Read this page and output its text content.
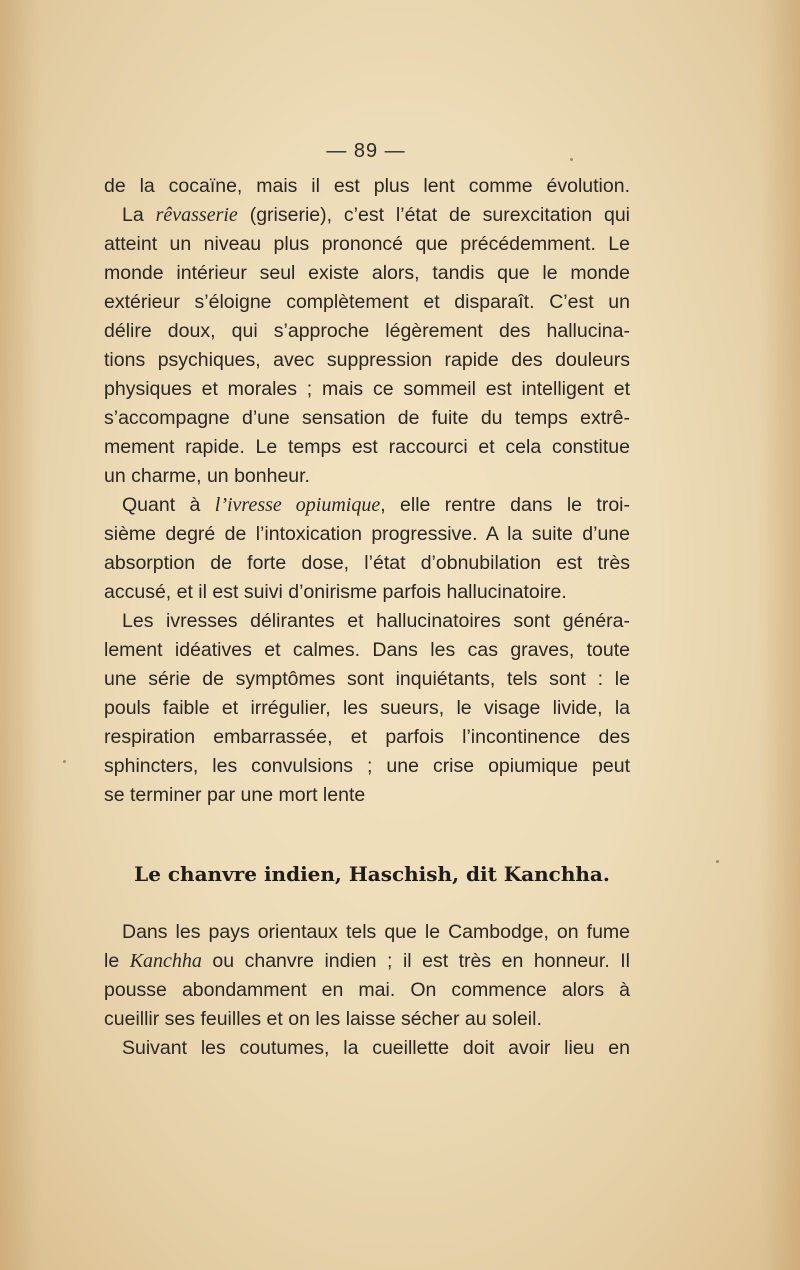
— 89 —
de la cocaïne, mais il est plus lent comme évolution.
La rêvasserie (griserie), c’est l’état de surexcitation qui
atteint un niveau plus prononcé que précédemment. Le
monde intérieur seul existe alors, tandis que le monde
extérieur s’éloigne complètement et disparaît. C’est un
délire doux, qui s’approche légèrement des hallucina-
tions psychiques, avec suppression rapide des douleurs
physiques et morales ; mais ce sommeil est intelligent et
s’accompagne d’une sensation de fuite du temps extrê-
mement rapide. Le temps est raccourci et cela constitue
un charme, un bonheur.
Quant à l’ivresse opiumique, elle rentre dans le troi-
sième degré de l’intoxication progressive. A la suite d’une
absorption de forte dose, l’état d’obnubilation est très
accusé, et il est suivi d’onirisme parfois hallucinatoire.
Les ivresses délirantes et hallucinatoires sont généra-
lement idéatives et calmes. Dans les cas graves, toute
une série de symptômes sont inquiétants, tels sont : le
pouls faible et irrégulier, les sueurs, le visage livide, la
respiration embarrassée, et parfois l’incontinence des
sphincters, les convulsions ; une crise opiumique peut
se terminer par une mort lente
Le chanvre indien, Haschish, dit Kanchha.
Dans les pays orientaux tels que le Cambodge, on fume
le Kanchha ou chanvre indien ; il est très en honneur. Il
pousse abondamment en mai. On commence alors à
cueillir ses feuilles et on les laisse sécher au soleil.
Suivant les coutumes, la cueillette doit avoir lieu en
